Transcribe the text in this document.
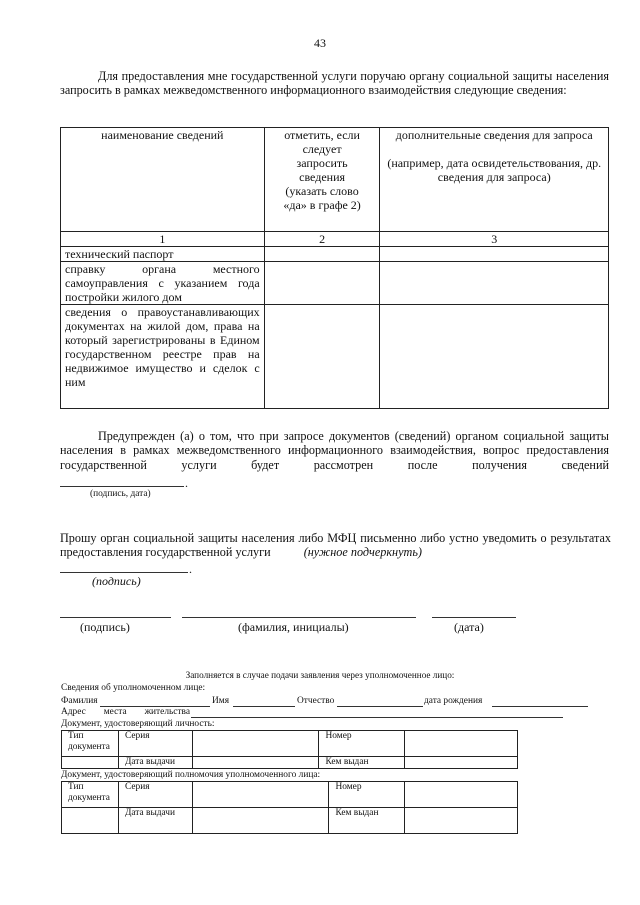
43
Для предоставления мне государственной услуги поручаю органу социальной защиты населения запросить в рамках межведомственного информационного взаимодействия следующие сведения:
наименование сведений	отметить, если следует запросить сведения (указать слово «да» в графе 2)	дополнительные сведения для запроса
(например, дата освидетельствования, др. сведения для запроса)

1	2	3
технический паспорт		
справку органа местного самоуправления с указанием года постройки жилого дом		
сведения о правоустанавливающих документах на жилой дом, права на который зарегистрированы в Едином государственном реестре прав на недвижимое имущество и сделок с ним		
Предупрежден (а) о том, что при запросе документов (сведений) органом социальной защиты населения в рамках межведомственного информационного взаимодействия, вопрос предоставления государственной услуги будет рассмотрен после получения сведений
.
(подпись, дата)
Прошу орган социальной защиты населения либо МФЦ письменно либо устно уведомить о результатах предоставления государственной услуги	(нужное подчеркнуть)
.
(подпись)
(подпись)	(фамилия, инициалы)	(дата)
Заполняется в случае подачи заявления через уполномоченное лицо:
Сведения об уполномоченном лице:
Фамилия	Имя	Отчество	дата рождения
Адрес места жительства
Документ, удостоверяющий личность:
Тип документа	Серия		Номер	
	Дата выдачи		Кем выдан	
Документ, удостоверяющий полномочия уполномоченного лица:
Тип документа	Серия		Номер	
	Дата выдачи		Кем выдан	
